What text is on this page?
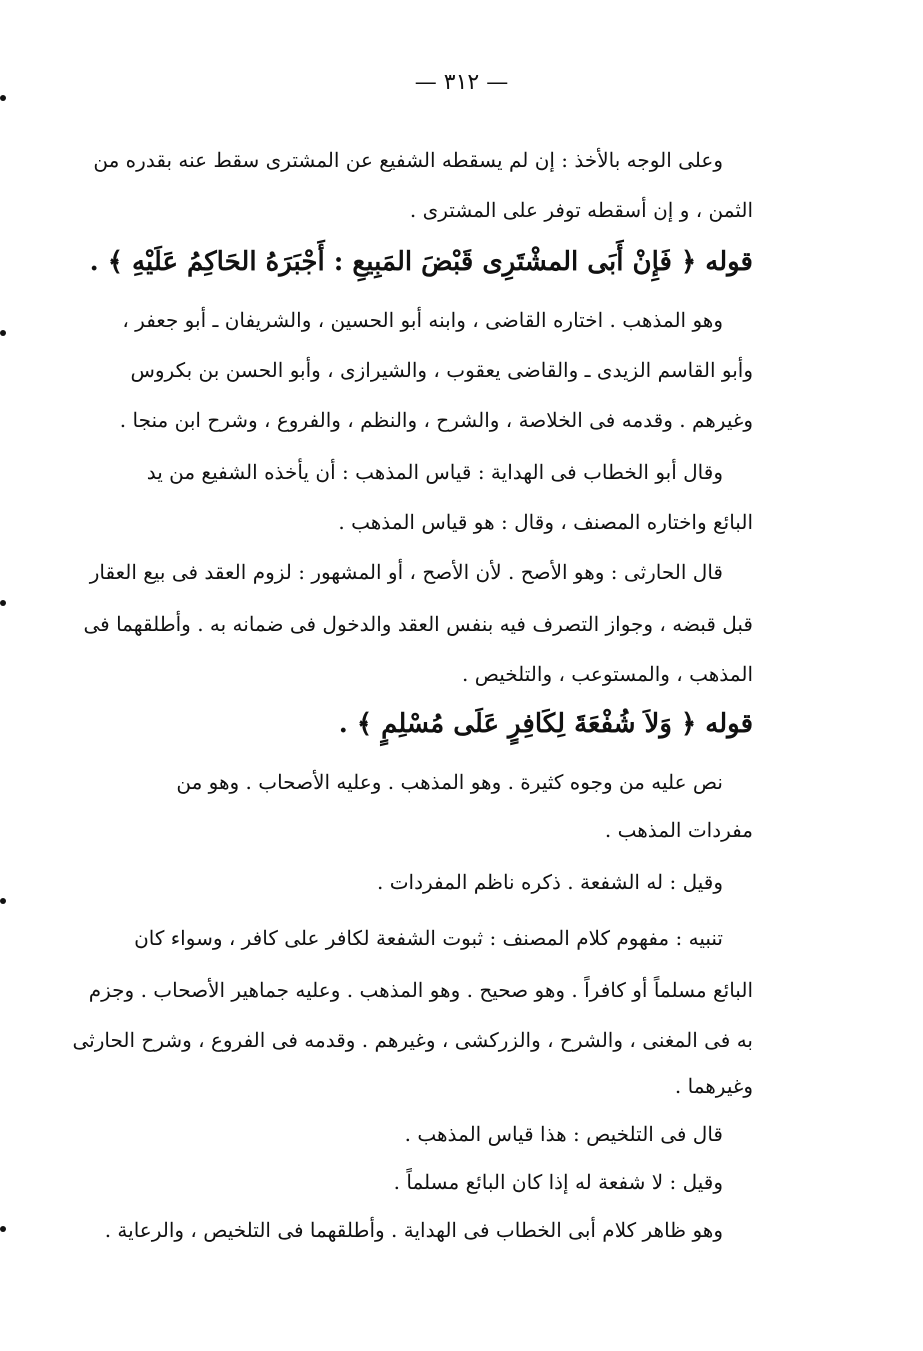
— ٣١٢ —
وعلى الوجه بالأخذ : إن لم يسقطه الشفيع عن المشترى سقط عنه بقدره من
الثمن ، و إن أسقطه توفر على المشترى .
قوله ﴿ فَإِنْ أَبَى المشْتَرِى قَبْضَ المَبِيعِ : أَجْبَرَهُ الحَاكِمُ عَلَيْهِ ﴾ .
وهو المذهب . اختاره القاضى ، وابنه أبو الحسين ، والشريفان ـ أبو جعفر ،
وأبو القاسم الزيدى ـ والقاضى يعقوب ، والشيرازى ، وأبو الحسن بن بكروس
وغيرهم . وقدمه فى الخلاصة ، والشرح ، والنظم ، والفروع ، وشرح ابن منجا .
وقال أبو الخطاب فى الهداية : قياس المذهب : أن يأخذه الشفيع من يد
البائع واختاره المصنف ، وقال : هو قياس المذهب .
قال الحارثى : وهو الأصح . لأن الأصح ، أو المشهور : لزوم العقد فى بيع العقار
قبل قبضه ، وجواز التصرف فيه بنفس العقد والدخول فى ضمانه به . وأطلقهما فى
المذهب ، والمستوعب ، والتلخيص .
قوله ﴿ وَلاَ شُفْعَةَ لِكَافِرٍ عَلَى مُسْلِمٍ ﴾ .
نص عليه من وجوه كثيرة . وهو المذهب . وعليه الأصحاب . وهو من
مفردات المذهب .
وقيل : له الشفعة . ذكره ناظم المفردات .
تنبيه : مفهوم كلام المصنف : ثبوت الشفعة لكافر على كافر ، وسواء كان
البائع مسلماً أو كافراً . وهو صحيح . وهو المذهب . وعليه جماهير الأصحاب . وجزم
به فى المغنى ، والشرح ، والزركشى ، وغيرهم . وقدمه فى الفروع ، وشرح الحارثى
وغيرهما .
قال فى التلخيص : هذا قياس المذهب .
وقيل : لا شفعة له إذا كان البائع مسلماً .
وهو ظاهر كلام أبى الخطاب فى الهداية . وأطلقهما فى التلخيص ، والرعاية .
